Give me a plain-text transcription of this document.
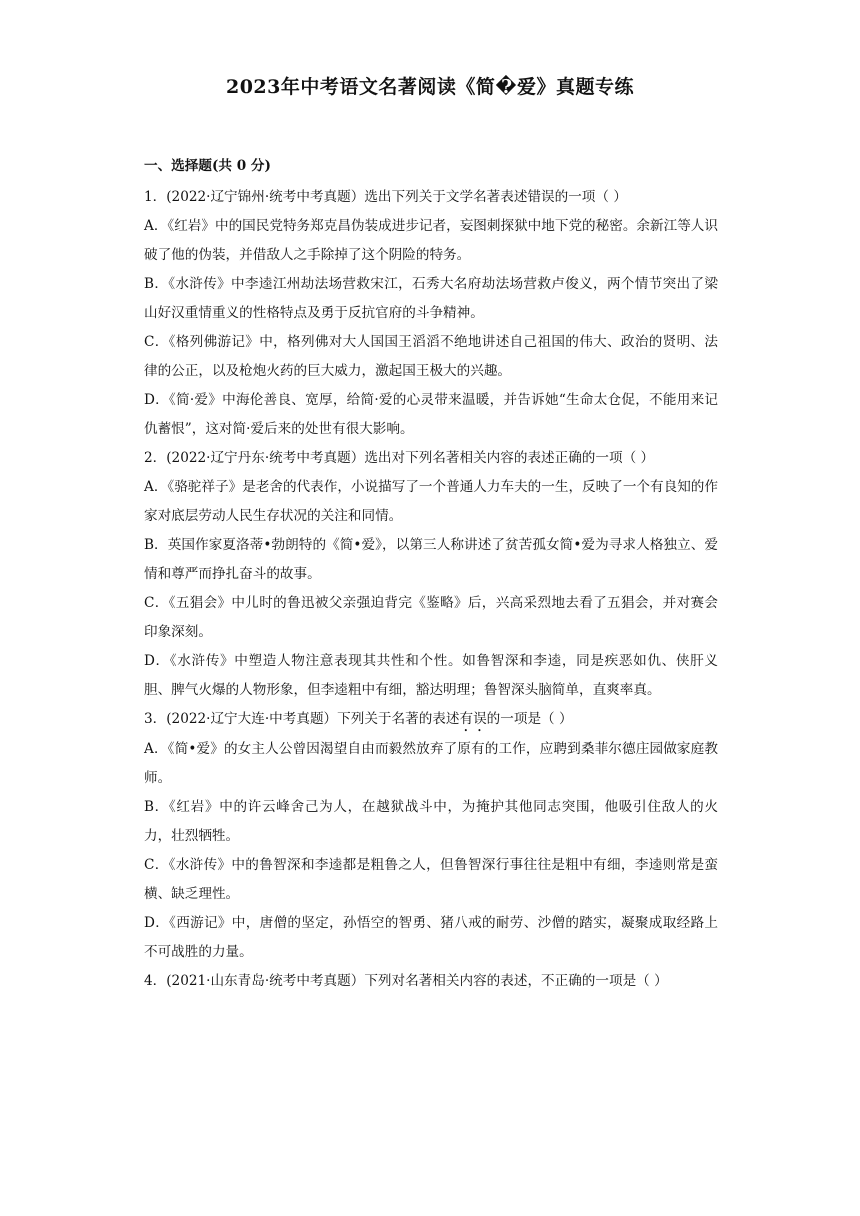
2023年中考语文名著阅读《简�爱》真题专练
一、选择题(共 0 分)

1．(2022·辽宁锦州·统考中考真题）选出下列关于文学名著表述错误的一项（ ）

A．《红岩》中的国民党特务郑克昌伪装成进步记者，妄图刺探狱中地下党的秘密。余新江等人识破了他的伪装，并借敌人之手除掉了这个阴险的特务。

B．《水浒传》中李逵江州劫法场营救宋江，石秀大名府劫法场营救卢俊义，两个情节突出了梁山好汉重情重义的性格特点及勇于反抗官府的斗争精神。

C．《格列佛游记》中，格列佛对大人国国王滔滔不绝地讲述自己祖国的伟大、政治的贤明、法律的公正，以及枪炮火药的巨大威力，激起国王极大的兴趣。

D．《简·爱》中海伦善良、宽厚，给简·爱的心灵带来温暖，并告诉她“生命太仓促，不能用来记仇蓄恨”，这对简·爱后来的处世有很大影响。

2．(2022·辽宁丹东·统考中考真题）选出对下列名著相关内容的表述正确的一项（ ）

A．《骆驼祥子》是老舍的代表作，小说描写了一个普通人力车夫的一生，反映了一个有良知的作家对底层劳动人民生存状况的关注和同情。

B．英国作家夏洛蒂•勃朗特的《简•爱》，以第三人称讲述了贫苦孤女简•爱为寻求人格独立、爱情和尊严而挣扎奋斗的故事。

C．《五猖会》中儿时的鲁迅被父亲强迫背完《鉴略》后，兴高采烈地去看了五猖会，并对赛会印象深刻。

D．《水浒传》中塑造人物注意表现其共性和个性。如鲁智深和李逵，同是疾恶如仇、侠肝义胆、脾气火爆的人物形象，但李逵粗中有细，豁达明理；鲁智深头脑简单，直爽率真。

3．(2022·辽宁大连·中考真题）下列关于名著的表述有误的一项是（ ）

A．《简•爱》的女主人公曾因渴望自由而毅然放弃了原有的工作，应聘到桑菲尔德庄园做家庭教师。

B．《红岩》中的许云峰舍己为人，在越狱战斗中，为掩护其他同志突围，他吸引住敌人的火力，壮烈牺牲。

C．《水浒传》中的鲁智深和李逵都是粗鲁之人，但鲁智深行事往往是粗中有细，李逵则常是蛮横、缺乏理性。

D．《西游记》中，唐僧的坚定，孙悟空的智勇、猪八戒的耐劳、沙僧的踏实，凝聚成取经路上不可战胜的力量。

4．(2021·山东青岛·统考中考真题）下列对名著相关内容的表述，不正确的一项是（ ）
